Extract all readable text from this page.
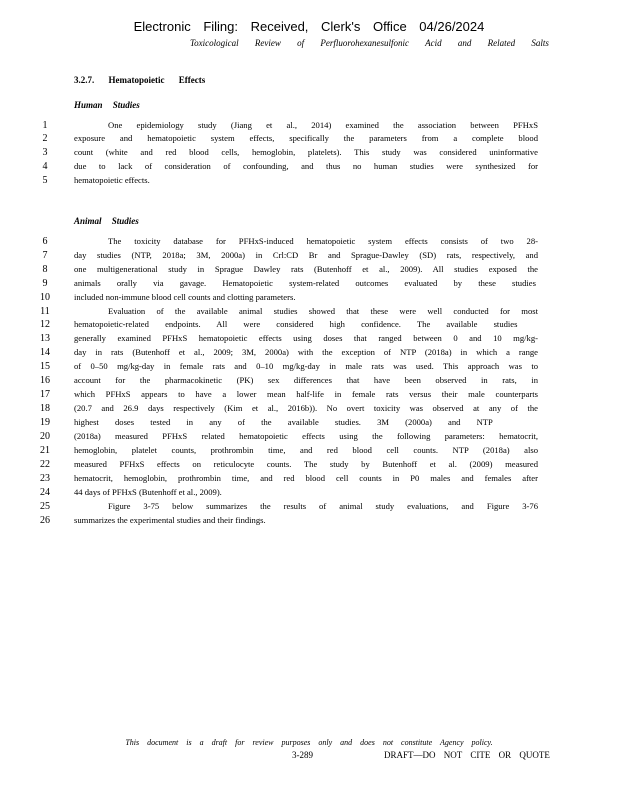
Electronic Filing: Received, Clerk's Office 04/26/2024
Toxicological Review of Perfluorohexanesulfonic Acid and Related Salts
3.2.7. Hematopoietic Effects
Human Studies
Animal Studies
1	One epidemiology study (Jiang et al., 2014) examined the association between PFHxS
2	exposure and hematopoietic system effects, specifically the parameters from a complete blood
3	count (white and red blood cells, hemoglobin, platelets). This study was considered uninformative
4	due to lack of consideration of confounding, and thus no human studies were synthesized for
5	hematopoietic effects.
6	The toxicity database for PFHxS-induced hematopoietic system effects consists of two 28-
7	day studies (NTP, 2018a; 3M, 2000a) in Crl:CD Br and Sprague-Dawley (SD) rats, respectively, and
8	one multigenerational study in Sprague Dawley rats (Butenhoff et al., 2009). All studies exposed the
9	animals orally via gavage. Hematopoietic system-related outcomes evaluated by these studies
10	included non-immune blood cell counts and clotting parameters.
11	Evaluation of the available animal studies showed that these were well conducted for most
12	hematopoietic-related endpoints. All were considered high confidence. The available studies
13	generally examined PFHxS hematopoietic effects using doses that ranged between 0 and 10 mg/kg-
14	day in rats (Butenhoff et al., 2009; 3M, 2000a) with the exception of NTP (2018a) in which a range
15	of 0–50 mg/kg-day in female rats and 0–10 mg/kg-day in male rats was used. This approach was to
16	account for the pharmacokinetic (PK) sex differences that have been observed in rats, in
17	which PFHxS appears to have a lower mean half-life in female rats versus their male counterparts
18	(20.7 and 26.9 days respectively (Kim et al., 2016b)). No overt toxicity was observed at any of the
19	highest doses tested in any of the available studies. 3M (2000a) and NTP
20	(2018a) measured PFHxS related hematopoietic effects using the following parameters: hematocrit,
21	hemoglobin, platelet counts, prothrombin time, and red blood cell counts. NTP (2018a) also
22	measured PFHxS effects on reticulocyte counts. The study by Butenhoff et al. (2009) measured
23	hematocrit, hemoglobin, prothrombin time, and red blood cell counts in P0 males and females after
24	44 days of PFHxS (Butenhoff et al., 2009).
25	Figure 3-75 below summarizes the results of animal study evaluations, and Figure 3-76
26	summarizes the experimental studies and their findings.
This document is a draft for review purposes only and does not constitute Agency policy.
3-289	DRAFT—DO NOT CITE OR QUOTE
